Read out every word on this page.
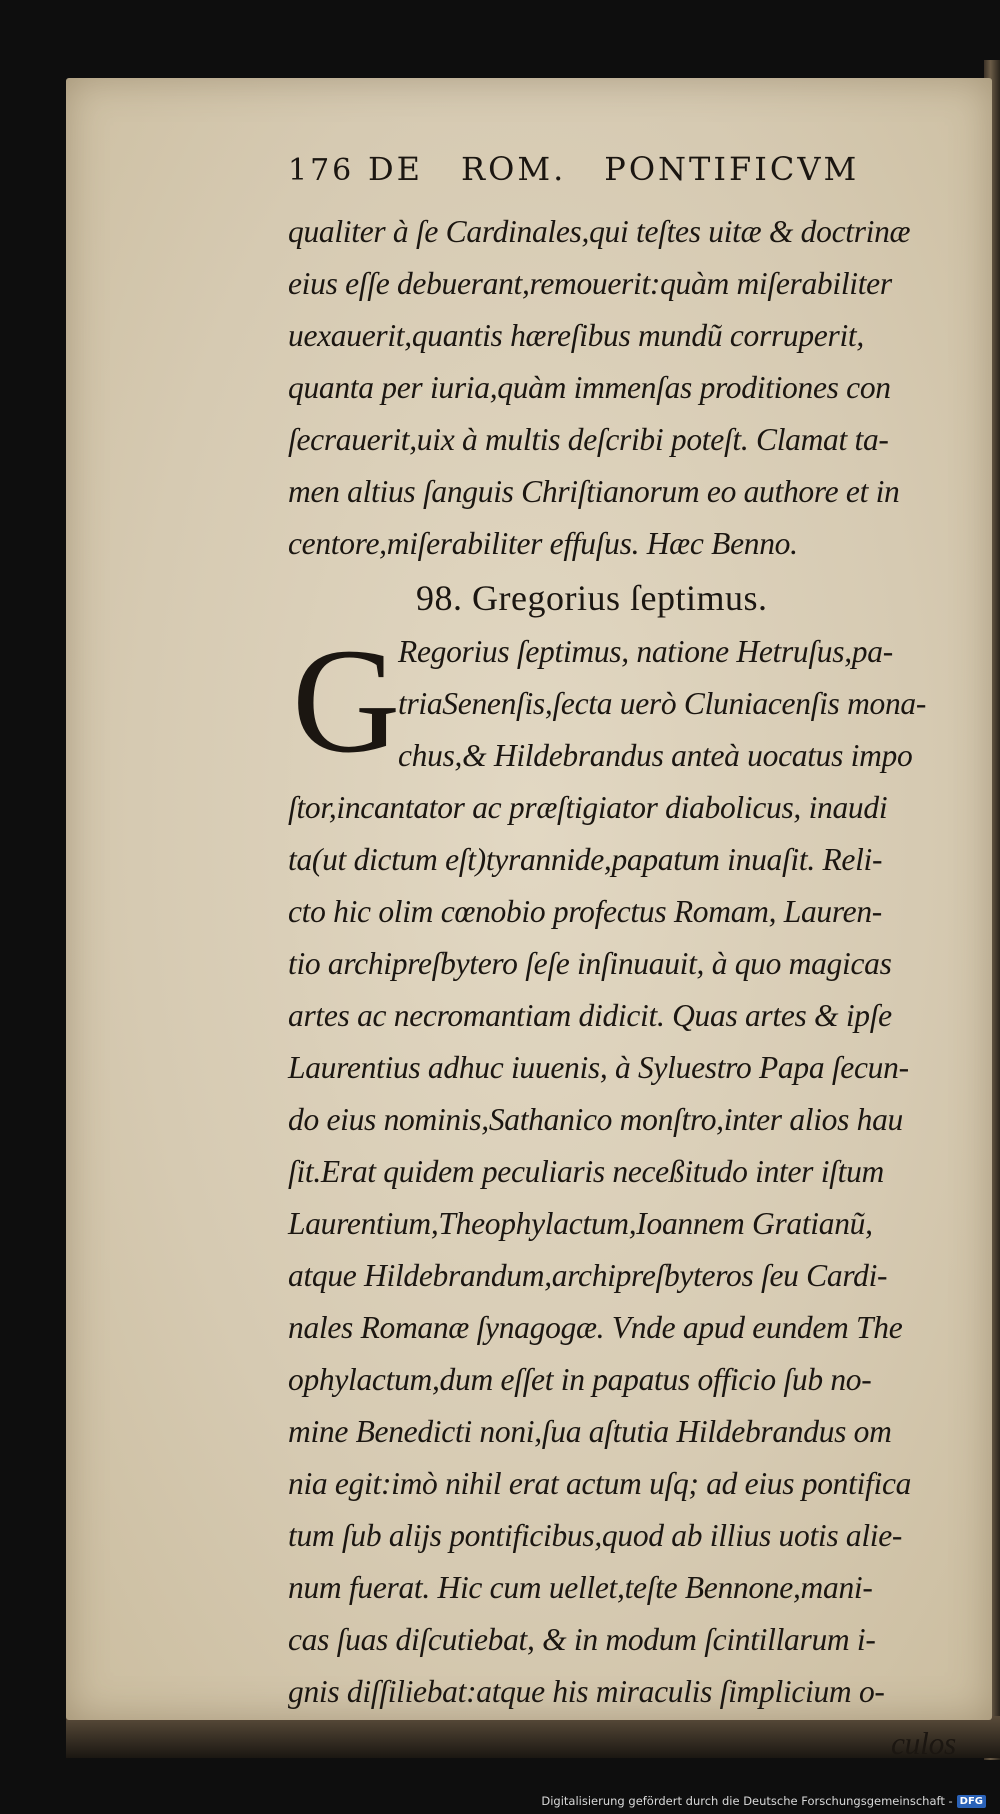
176 DE ROM. PONTIFICVM
qualiter à ſe Cardinales,qui teſtes uitæ & doctrinæ
eius eſſe debuerant,remouerit:quàm miſerabiliter
uexauerit,quantis hæreſibus mundũ corruperit,
quanta per iuria,quàm immenſas proditiones con
ſecrauerit,uix à multis deſcribi poteſt. Clamat ta-
men altius ſanguis Chriſtianorum eo authore et in
centore,miſerabiliter effuſus. Hæc Benno.
98. Gregorius ſeptimus.
G
Regorius ſeptimus, natione Hetruſus,pa-
triaSenenſis,ſecta uerò Cluniacenſis mona-
chus,& Hildebrandus anteà uocatus impo
ſtor,incantator ac præſtigiator diabolicus, inaudi
ta(ut dictum eſt)tyrannide,papatum inuaſit. Reli-
cto hic olim cœnobio profectus Romam, Lauren-
tio archipreſbytero ſeſe inſinuauit, à quo magicas
artes ac necromantiam didicit. Quas artes & ipſe
Laurentius adhuc iuuenis, à Syluestro Papa ſecun-
do eius nominis,Sathanico monſtro,inter alios hau
ſit.Erat quidem peculiaris neceßitudo inter iſtum
Laurentium,Theophylactum,Ioannem Gratianũ,
atque Hildebrandum,archipreſbyteros ſeu Cardi-
nales Romanæ ſynagogæ. Vnde apud eundem The
ophylactum,dum eſſet in papatus officio ſub no-
mine Benedicti noni,ſua aſtutia Hildebrandus om
nia egit:imò nihil erat actum uſq; ad eius pontifica
tum ſub alijs pontificibus,quod ab illius uotis alie-
num fuerat. Hic cum uellet,teſte Bennone,mani-
cas ſuas diſcutiebat, & in modum ſcintillarum i-
gnis diſſiliebat:atque his miraculis ſimplicium o-
culos
Digitalisierung gefördert durch die Deutsche Forschungsgemeinschaft - DFG
